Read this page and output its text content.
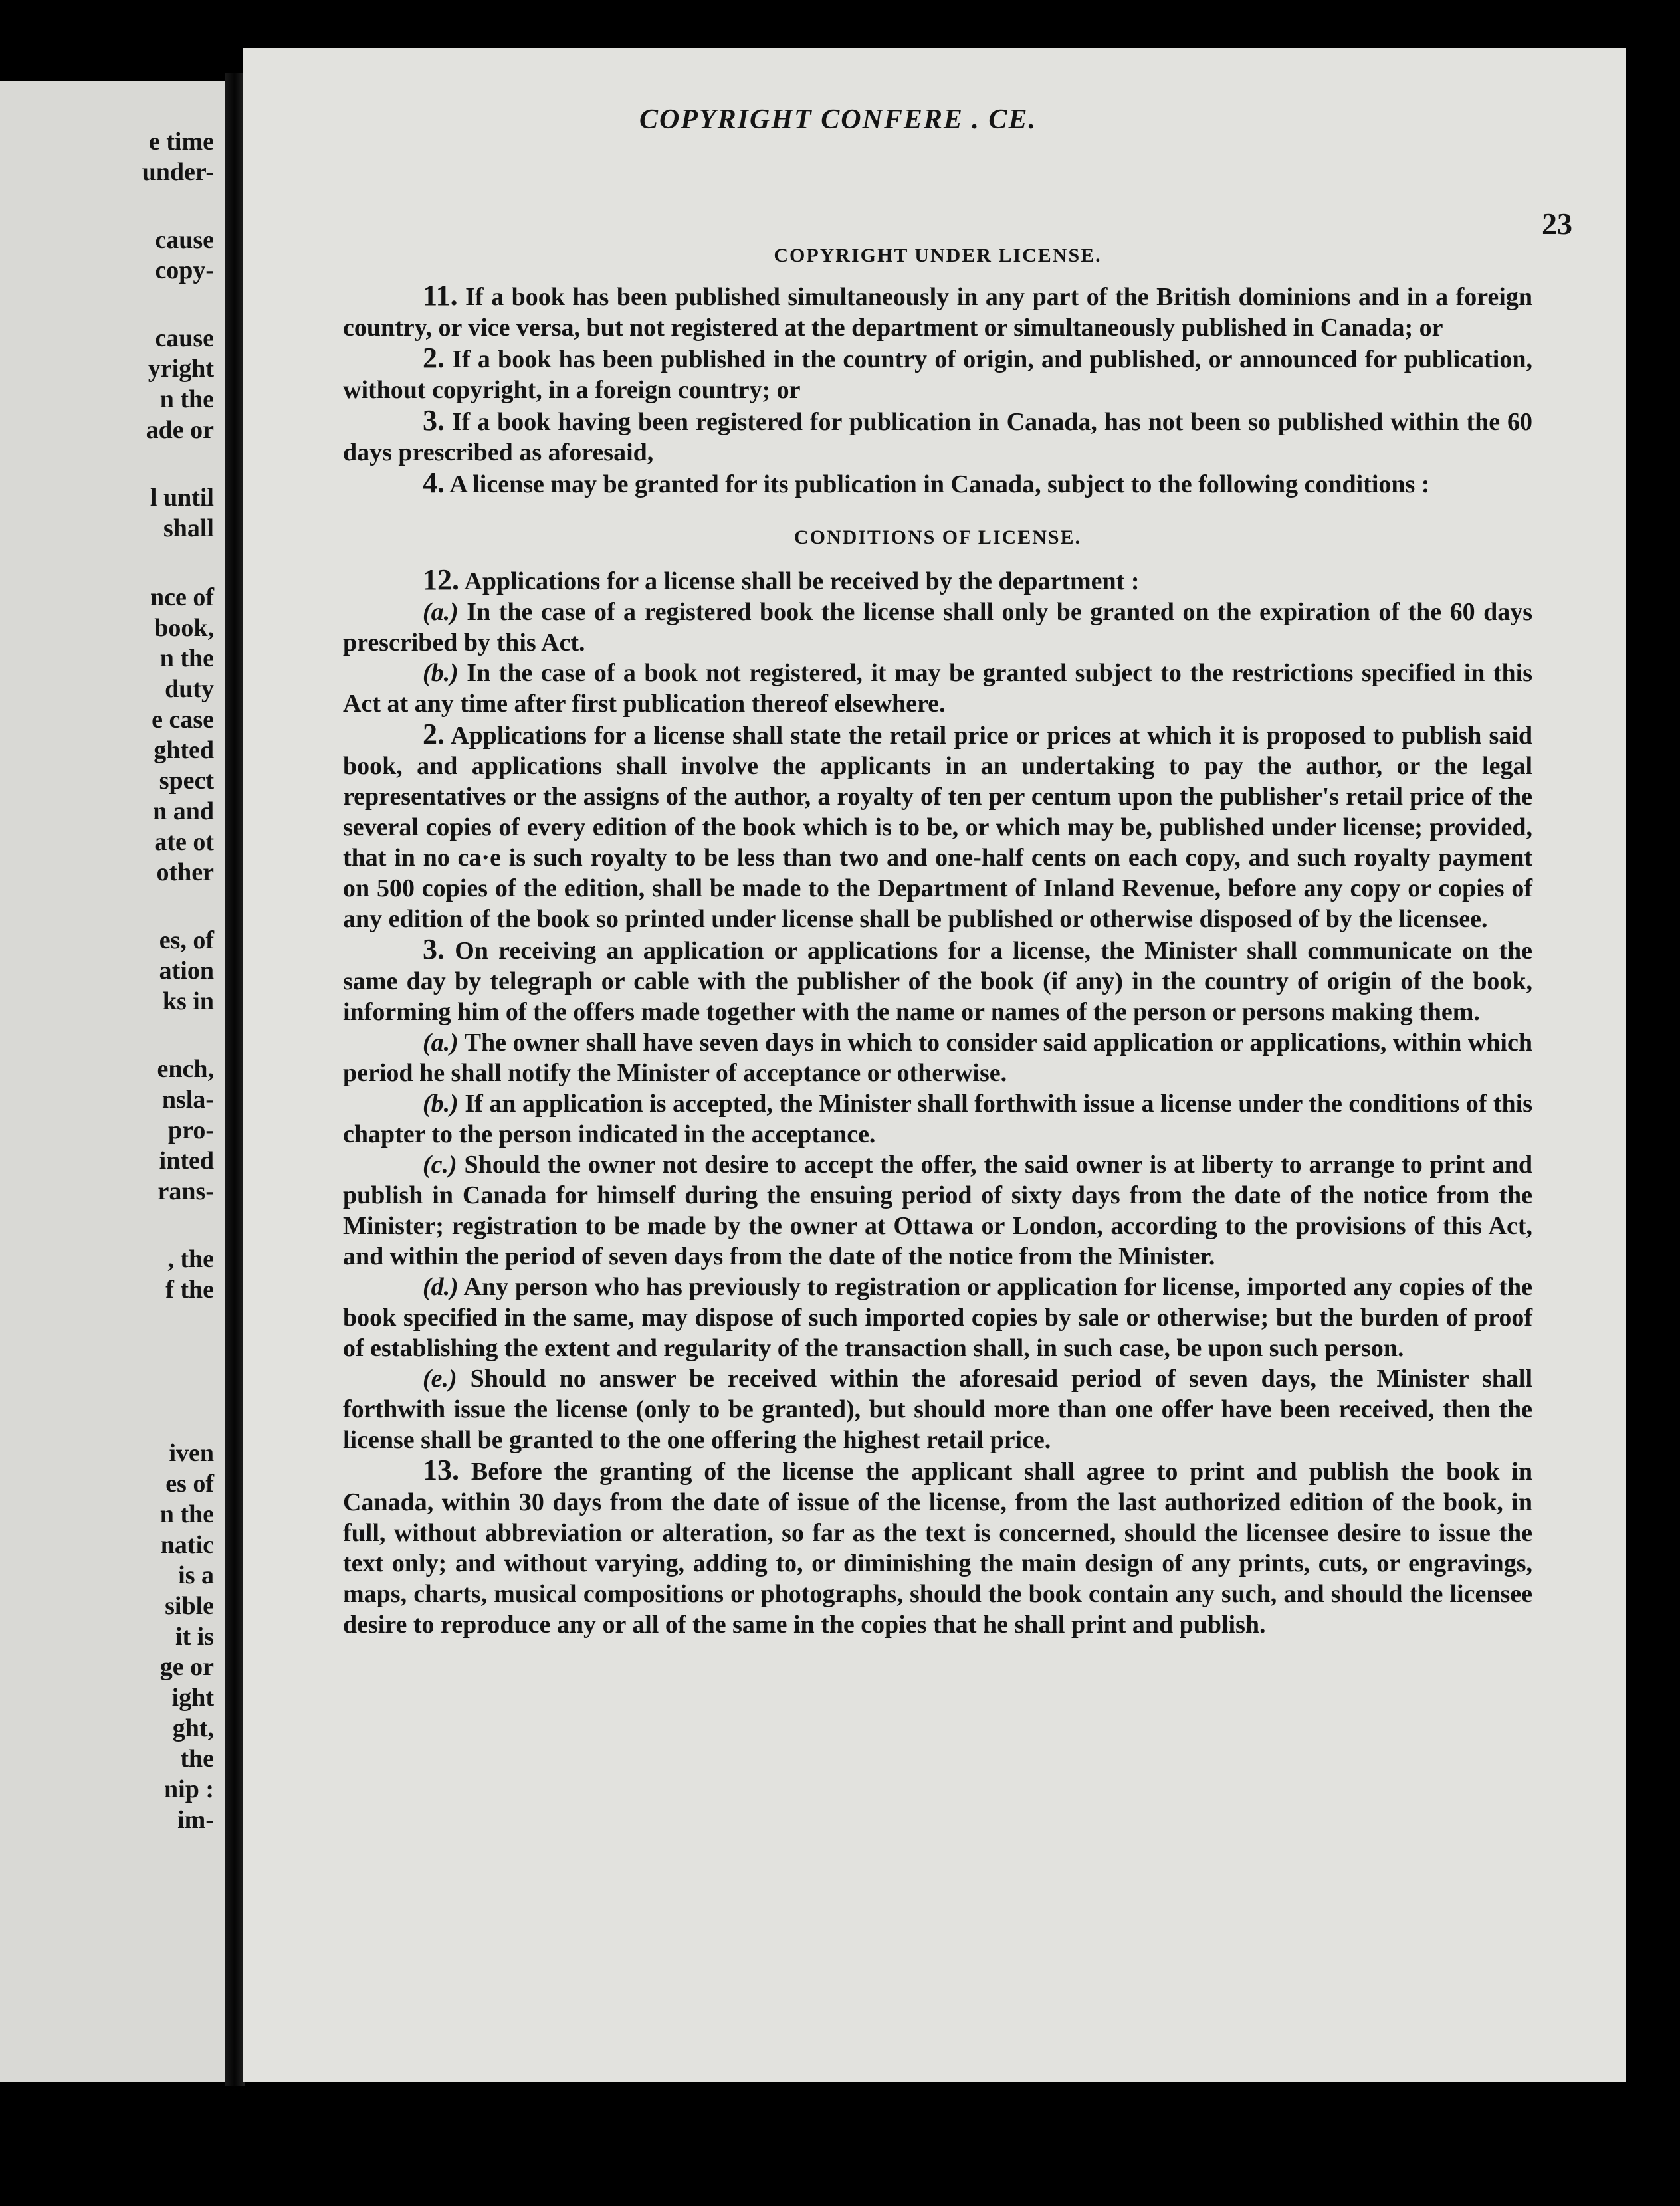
e time
under-
cause
copy-
cause
yright
n the
ade or
l until
shall
nce of
book,
n the
duty
e case
ghted
spect
n and
ate ot
other
es, of
ation
ks in
ench,
nsla-
pro-
inted
rans-
, the
f the
iven
es of
n the
natic
is a
sible
it is
ge or
ight
ght,
the
nip :
im-
COPYRIGHT CONFERE . CE.
23
COPYRIGHT UNDER LICENSE.

11. If a book has been published simultaneously in any part of the British dominions and in a foreign country, or vice versa, but not registered at the department or simultaneously published in Canada; or

2. If a book has been published in the country of origin, and published, or announced for publication, without copyright, in a foreign country; or

3. If a book having been registered for publication in Canada, has not been so published within the 60 days prescribed as aforesaid,

4. A license may be granted for its publication in Canada, subject to the following conditions :

CONDITIONS OF LICENSE.

12. Applications for a license shall be received by the department :

(a.) In the case of a registered book the license shall only be granted on the expiration of the 60 days prescribed by this Act.

(b.) In the case of a book not registered, it may be granted subject to the restrictions specified in this Act at any time after first publication thereof elsewhere.

2. Applications for a license shall state the retail price or prices at which it is proposed to publish said book, and applications shall involve the applicants in an undertaking to pay the author, or the legal representatives or the assigns of the author, a royalty of ten per centum upon the publisher's retail price of the several copies of every edition of the book which is to be, or which may be, published under license; provided, that in no ca·e is such royalty to be less than two and one-half cents on each copy, and such royalty payment on 500 copies of the edition, shall be made to the Department of Inland Revenue, before any copy or copies of any edition of the book so printed under license shall be published or otherwise disposed of by the licensee.

3. On receiving an application or applications for a license, the Minister shall communicate on the same day by telegraph or cable with the publisher of the book (if any) in the country of origin of the book, informing him of the offers made together with the name or names of the person or persons making them.

(a.) The owner shall have seven days in which to consider said application or applications, within which period he shall notify the Minister of acceptance or otherwise.

(b.) If an application is accepted, the Minister shall forthwith issue a license under the conditions of this chapter to the person indicated in the acceptance.

(c.) Should the owner not desire to accept the offer, the said owner is at liberty to arrange to print and publish in Canada for himself during the ensuing period of sixty days from the date of the notice from the Minister; registration to be made by the owner at Ottawa or London, according to the provisions of this Act, and within the period of seven days from the date of the notice from the Minister.

(d.) Any person who has previously to registration or application for license, imported any copies of the book specified in the same, may dispose of such imported copies by sale or otherwise; but the burden of proof of establishing the extent and regularity of the transaction shall, in such case, be upon such person.

(e.) Should no answer be received within the aforesaid period of seven days, the Minister shall forthwith issue the license (only to be granted), but should more than one offer have been received, then the license shall be granted to the one offering the highest retail price.

13. Before the granting of the license the applicant shall agree to print and publish the book in Canada, within 30 days from the date of issue of the license, from the last authorized edition of the book, in full, without abbreviation or alteration, so far as the text is concerned, should the licensee desire to issue the text only; and without varying, adding to, or diminishing the main design of any prints, cuts, or engravings, maps, charts, musical compositions or photographs, should the book contain any such, and should the licensee desire to reproduce any or all of the same in the copies that he shall print and publish.
